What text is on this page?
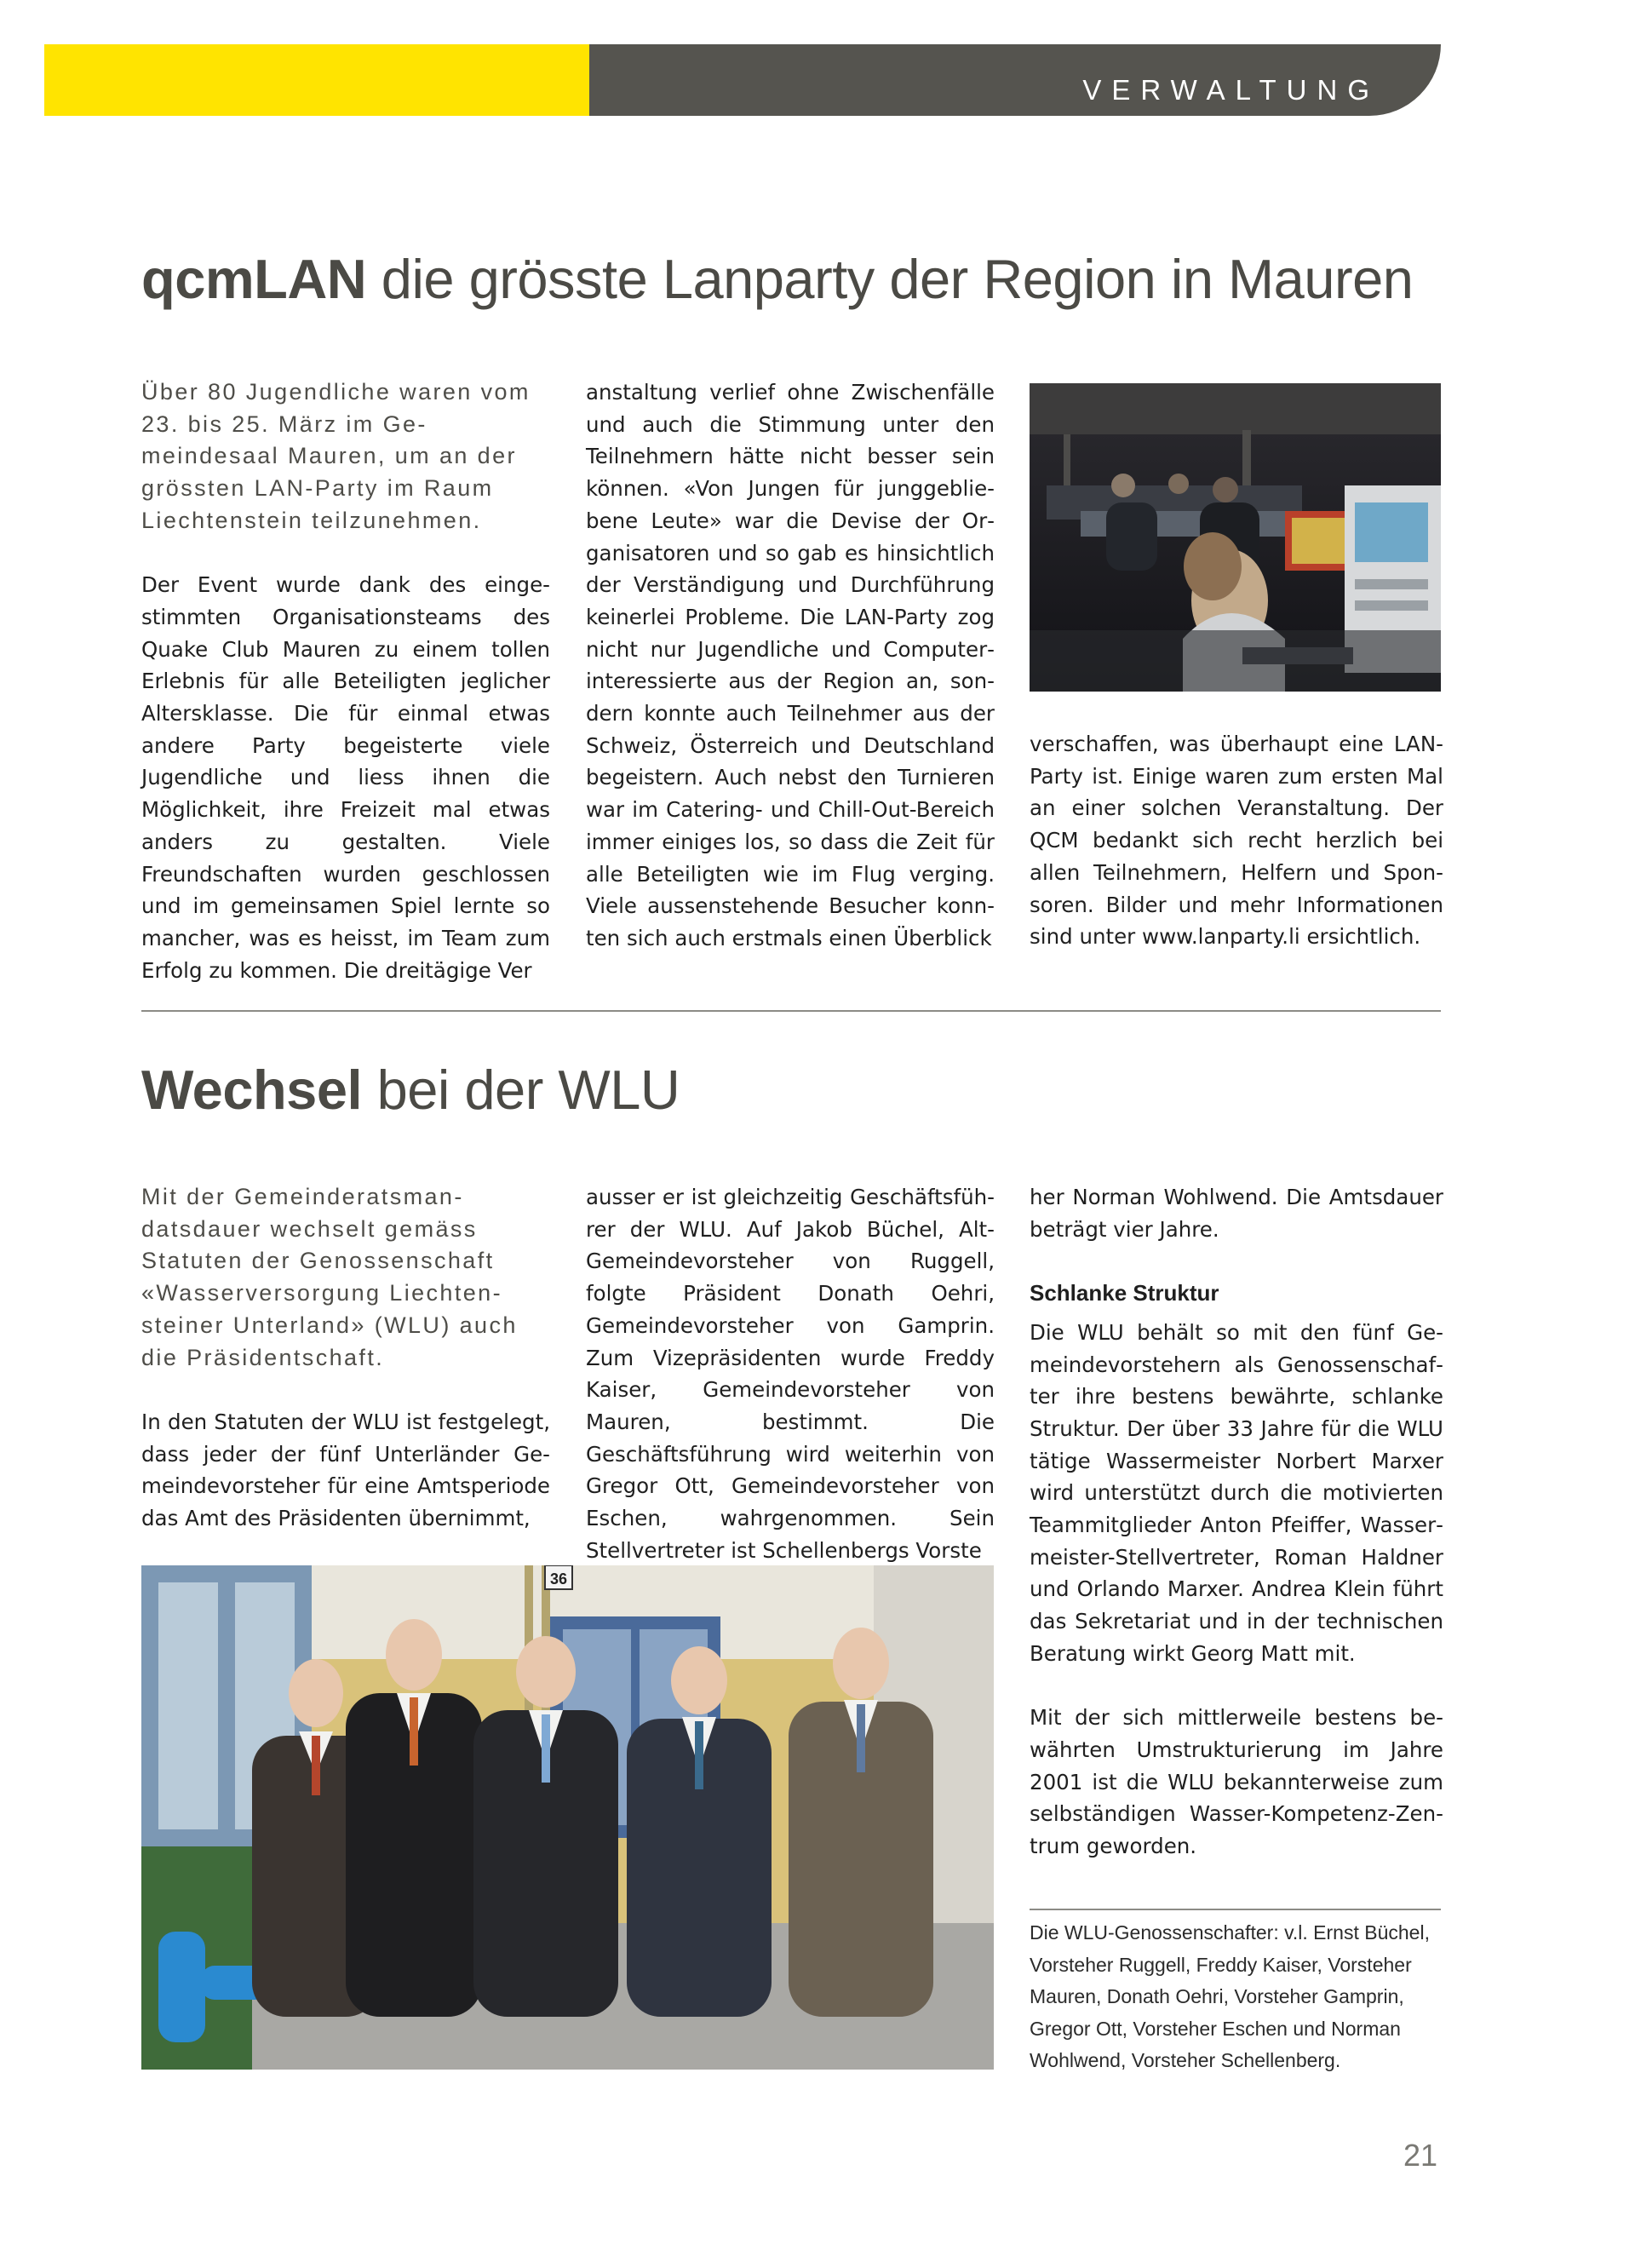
VERWALTUNG
qcmLAN die grösste Lanparty der Region in Mauren

Über 80 Jugendliche waren vom 23. bis 25. März im Gemeindesaal Mauren, um an der grössten LAN-Party im Raum Liechtenstein teilzunehmen.

Der Event wurde dank des eingestimmten Organisationsteams des Quake Club Mauren zu einem tollen Erlebnis für alle Beteiligten jeglicher Altersklasse. Die für einmal etwas andere Party begeisterte viele Jugendliche und liess ihnen die Möglichkeit, ihre Freizeit mal etwas anders zu gestalten. Viele Freundschaften wurden geschlossen und im gemeinsamen Spiel lernte so mancher, was es heisst, im Team zum Erfolg zu kommen. Die dreitägige Ver

anstaltung verlief ohne Zwischenfälle und auch die Stimmung unter den Teilnehmern hätte nicht besser sein können. «Von Jungen für junggebliebene Leute» war die Devise der Organisatoren und so gab es hinsichtlich der Verständigung und Durchführung keinerlei Probleme. Die LAN-Party zog nicht nur Jugendliche und Computerinteressierte aus der Region an, sondern konnte auch Teilnehmer aus der Schweiz, Österreich und Deutschland begeistern. Auch nebst den Turnieren war im Catering- und Chill-Out-Bereich immer einiges los, so dass die Zeit für alle Beteiligten wie im Flug verging. Viele aussenstehende Besucher konnten sich auch erstmals einen Überblick

verschaffen, was überhaupt eine LAN-Party ist. Einige waren zum ersten Mal an einer solchen Veranstaltung. Der QCM bedankt sich recht herzlich bei allen Teilnehmern, Helfern und Sponsoren. Bilder und mehr Informationen sind unter www.lanparty.li ersichtlich.

Wechsel bei der WLU

Mit der Gemeinderatsmandatsdauer wechselt gemäss Statuten der Genossenschaft «Wasserversorgung Liechtensteiner Unterland» (WLU) auch die Präsidentschaft.

In den Statuten der WLU ist festgelegt, dass jeder der fünf Unterländer Gemeindevorsteher für eine Amtsperiode das Amt des Präsidenten übernimmt,

ausser er ist gleichzeitig Geschäftsführer der WLU. Auf Jakob Büchel, Alt-Gemeindevorsteher von Ruggell, folgte Präsident Donath Oehri, Gemeindevorsteher von Gamprin. Zum Vizepräsidenten wurde Freddy Kaiser, Gemeindevorsteher von Mauren, bestimmt. Die Geschäftsführung wird weiterhin von Gregor Ott, Gemeindevorsteher von Eschen, wahrgenommen. Sein Stellvertreter ist Schellenbergs Vorste

her Norman Wohlwend. Die Amtsdauer beträgt vier Jahre.

Schlanke Struktur

Die WLU behält so mit den fünf Gemeindevorstehern als Genossenschafter ihre bestens bewährte, schlanke Struktur. Der über 33 Jahre für die WLU tätige Wassermeister Norbert Marxer wird unterstützt durch die motivierten Teammitglieder Anton Pfeiffer, Wassermeister-Stellvertreter, Roman Haldner und Orlando Marxer. Andrea Klein führt das Sekretariat und in der technischen Beratung wirkt Georg Matt mit.

Mit der sich mittlerweile bestens bewährten Umstrukturierung im Jahre 2001 ist die WLU bekannterweise zum selbständigen Wasser-Kompetenz-Zentrum geworden.

36
Die WLU-Genossenschafter: v.l. Ernst Büchel, Vorsteher Ruggell, Freddy Kaiser, Vorsteher Mauren, Donath Oehri, Vorsteher Gamprin, Gregor Ott, Vorsteher Eschen und Norman Wohlwend, Vorsteher Schellenberg.
21
